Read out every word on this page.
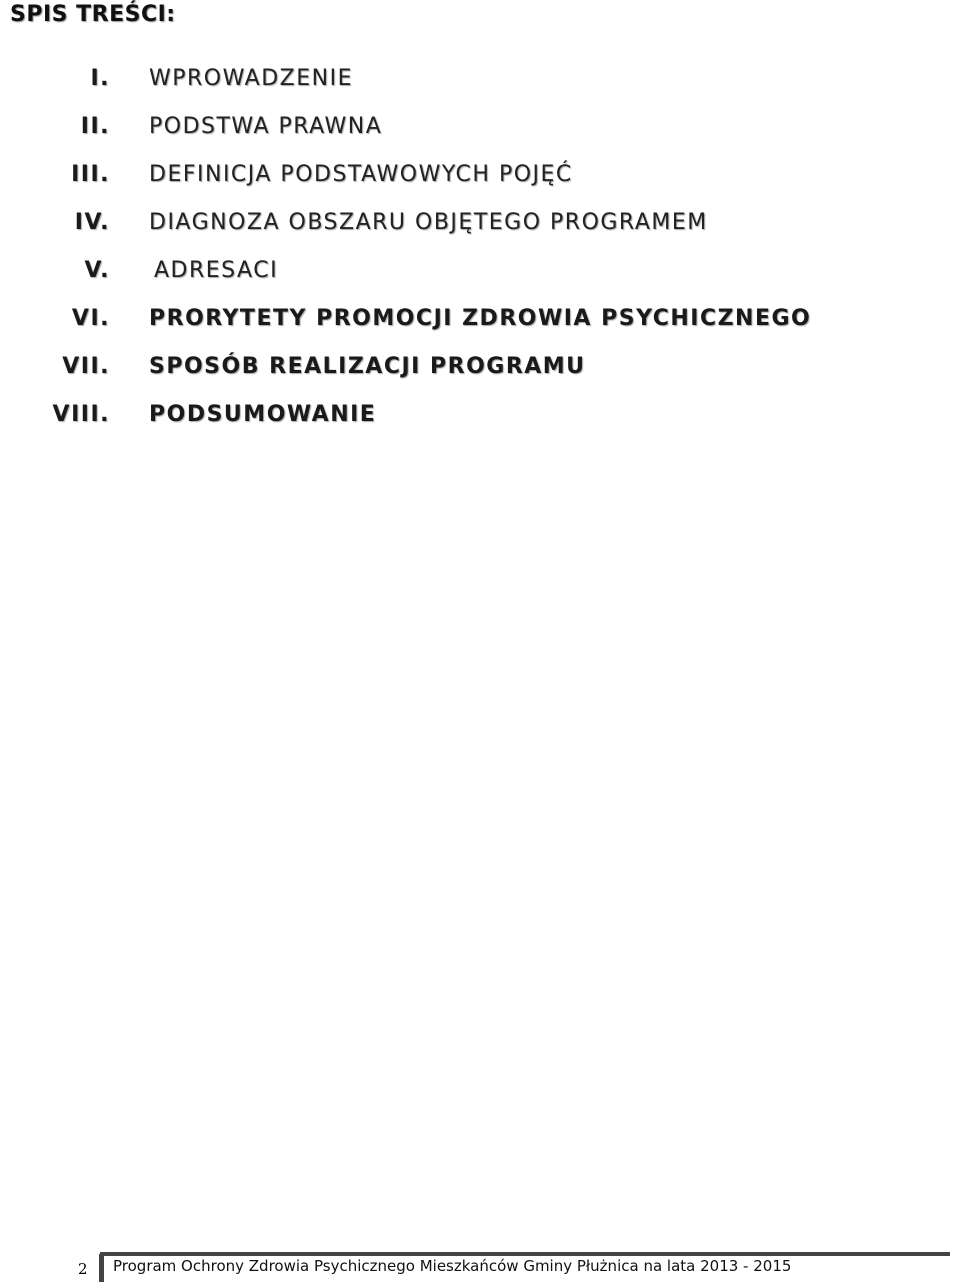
SPIS TREŚCI:
I. WPROWADZENIE
II. PODSTWA PRAWNA
III. DEFINICJA PODSTAWOWYCH POJĘĆ
IV. DIAGNOZA OBSZARU OBJĘTEGO PROGRAMEM
V. ADRESACI
VI. PRORYTETY PROMOCJI ZDROWIA PSYCHICZNEGO
VII. SPOSÓB REALIZACJI PROGRAMU
VIII. PODSUMOWANIE
2 Program Ochrony Zdrowia Psychicznego Mieszkańców Gminy Płużnica na lata 2013 - 2015
